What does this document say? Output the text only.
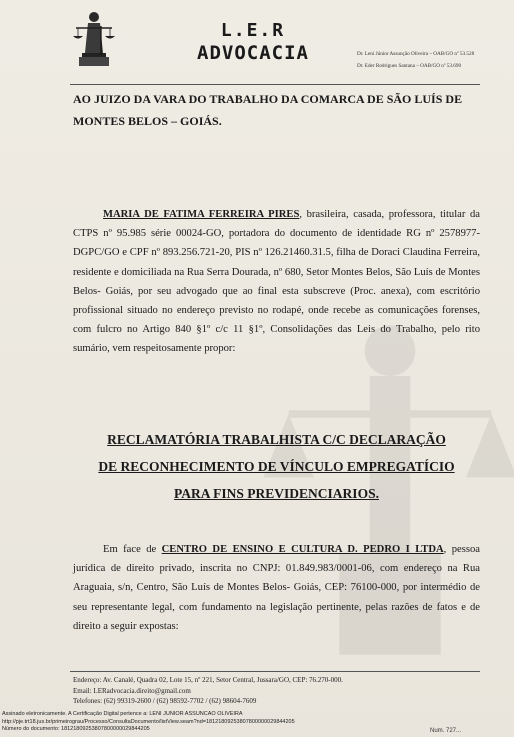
L.E.R
ADVOCACIA	Dr. Leni Júnior Assunção Oliveira – OAB/GO nº 53.528
Dr. Eder Rodrigues Santana – OAB/GO nº 53.690
AO JUIZO DA VARA DO TRABALHO DA COMARCA DE SÃO LUÍS DE MONTES BELOS – GOIÁS.
MARIA DE FATIMA FERREIRA PIRES, brasileira, casada, professora, titular da CTPS nº 95.985 série 00024-GO, portadora do documento de identidade RG nº 2578977- DGPC/GO e CPF nº 893.256.721-20, PIS nº 126.21460.31.5, filha de Doraci Claudina Ferreira, residente e domiciliada na Rua Serra Dourada, nº 680, Setor Montes Belos, São Luís de Montes Belos- Goiás, por seu advogado que ao final esta subscreve (Proc. anexa), com escritório profissional situado no endereço previsto no rodapé, onde recebe as comunicações forenses, com fulcro no Artigo 840 §1º c/c 11 §1º, Consolidações das Leis do Trabalho, pelo rito sumário, vem respeitosamente propor:
RECLAMATÓRIA TRABALHISTA C/C DECLARAÇÃO
DE RECONHECIMENTO DE VÍNCULO EMPREGATÍCIO
PARA FINS PREVIDENCIARIOS.
Em face de CENTRO DE ENSINO E CULTURA D. PEDRO I LTDA, pessoa jurídica de direito privado, inscrita no CNPJ: 01.849.983/0001-06, com endereço na Rua Araguaia, s/n, Centro, São Luís de Montes Belos- Goiás, CEP: 76100-000, por intermédio de seu representante legal, com fundamento na legislação pertinente, pelas razões de fatos e de direito a seguir expostas:
Endereço: Av. Canalé, Quadra 02, Lote 15, nº 221, Setor Central, Jussara/GO, CEP: 76.270-000.
Email: LERadvocacia.direito@gmail.com
Telefones: (62) 99319-2600 / (62) 98592-7702 / (62) 98604-7609
Assinado eletronicamente. A Certificação Digital pertence a: LENI JUNIOR ASSUNCAO OLIVEIRA
http://pje.trt18.jus.br/primeirograu/Processo/ConsultaDocumento/listView.seam?nd=18121809253807800000029844205
Número do documento: 18121809253807800000029844205	Num. 727...
